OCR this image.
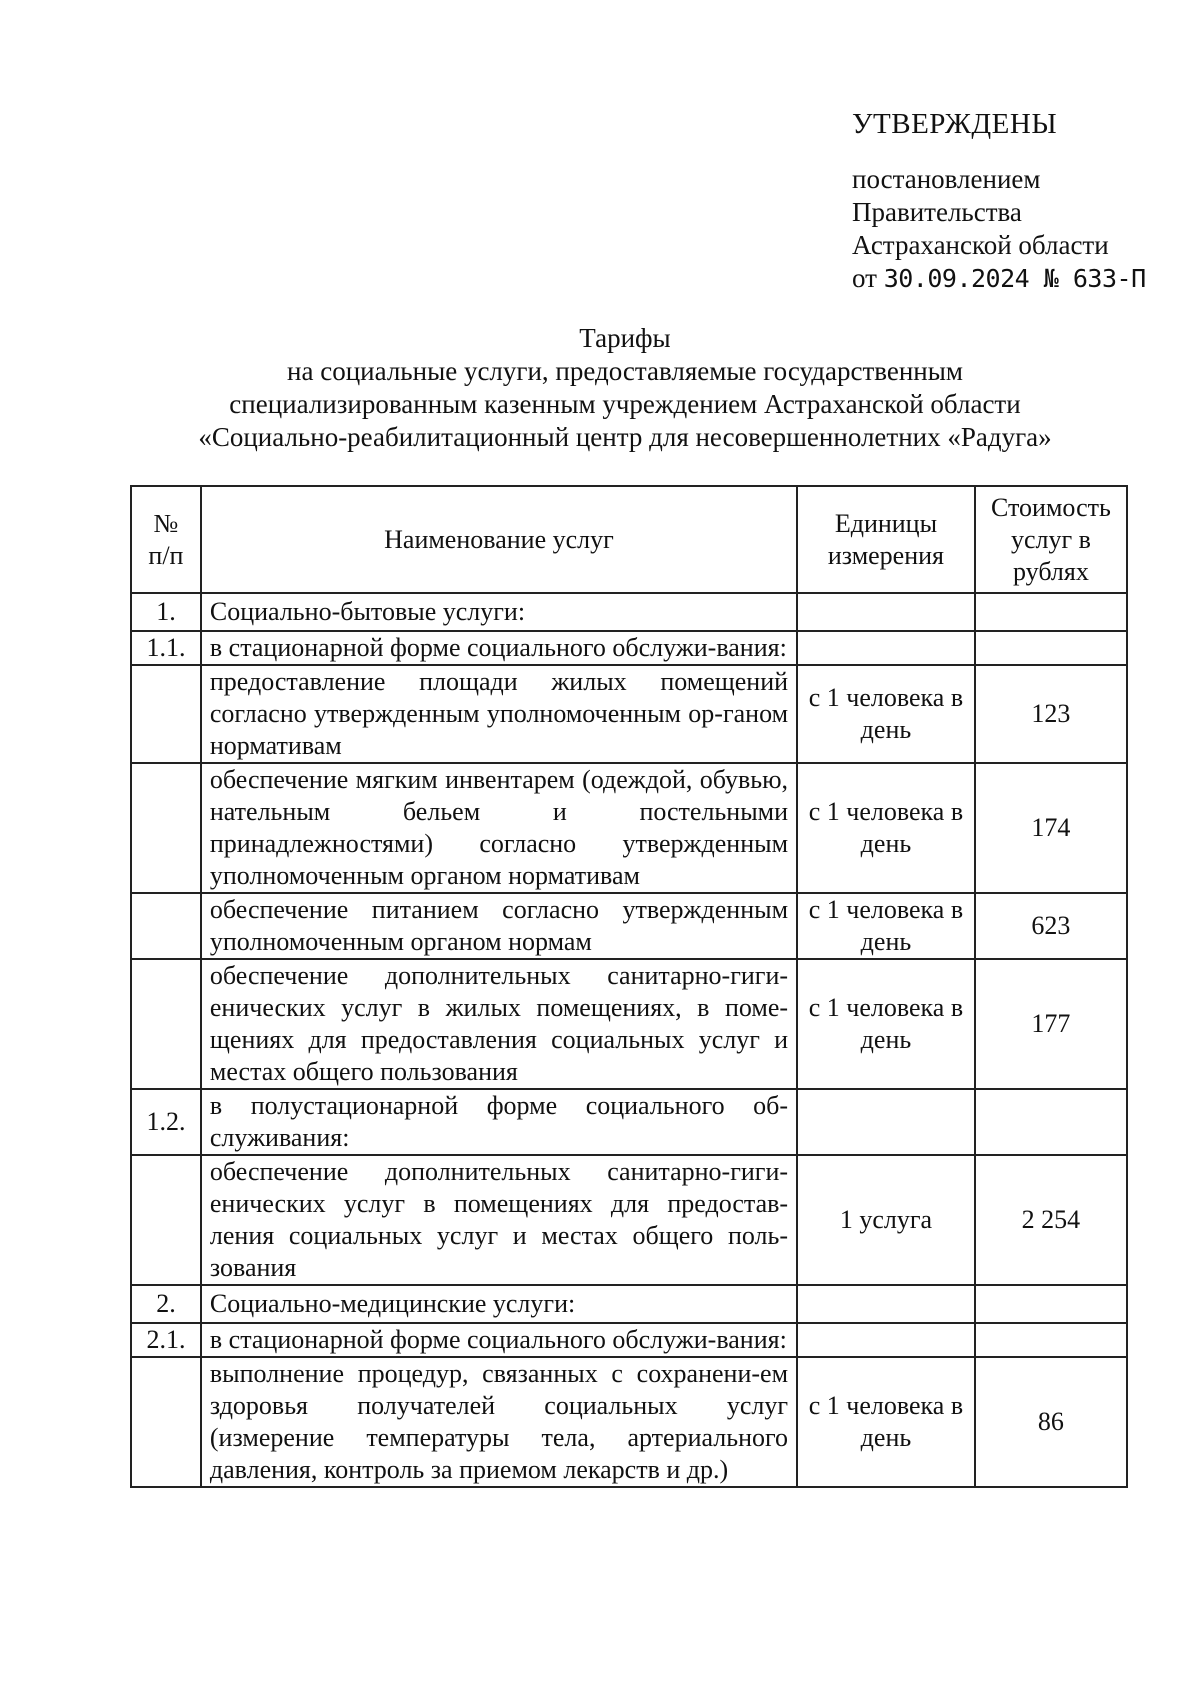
УТВЕРЖДЕНЫ
постановлением
Правительства
Астраханской области
от 30.09.2024 № 633-П
Тарифы
на социальные услуги, предоставляемые государственным
специализированным казенным учреждением Астраханской области
«Социально-реабилитационный центр для несовершеннолетних «Радуга»
№ п/п	Наименование услуг	Единицы измерения	Стоимость услуг в рублях
1.	Социально-бытовые услуги:		
1.1.	в стационарной форме социального обслужи-вания:		
	предоставление площади жилых помещений согласно утвержденным уполномоченным ор-ганом нормативам	с 1 человека в день	123
	обеспечение мягким инвентарем (одеждой, обувью, нательным бельем и постельными принадлежностями) согласно утвержденным уполномоченным органом нормативам	с 1 человека в день	174
	обеспечение питанием согласно утвержденным уполномоченным органом нормам	с 1 человека в день	623
	обеспечение дополнительных санитарно-гиги-енических услуг в жилых помещениях, в поме-щениях для предоставления социальных услуг и местах общего пользования	с 1 человека в день	177
1.2.	в полустационарной форме социального об-служивания:		
	обеспечение дополнительных санитарно-гиги-енических услуг в помещениях для предостав-ления социальных услуг и местах общего поль-зования	1 услуга	2 254
2.	Социально-медицинские услуги:		
2.1.	в стационарной форме социального обслужи-вания:		
	выполнение процедур, связанных с сохранени-ем здоровья получателей социальных услуг (измерение температуры тела, артериального давления, контроль за приемом лекарств и др.)	с 1 человека в день	86
